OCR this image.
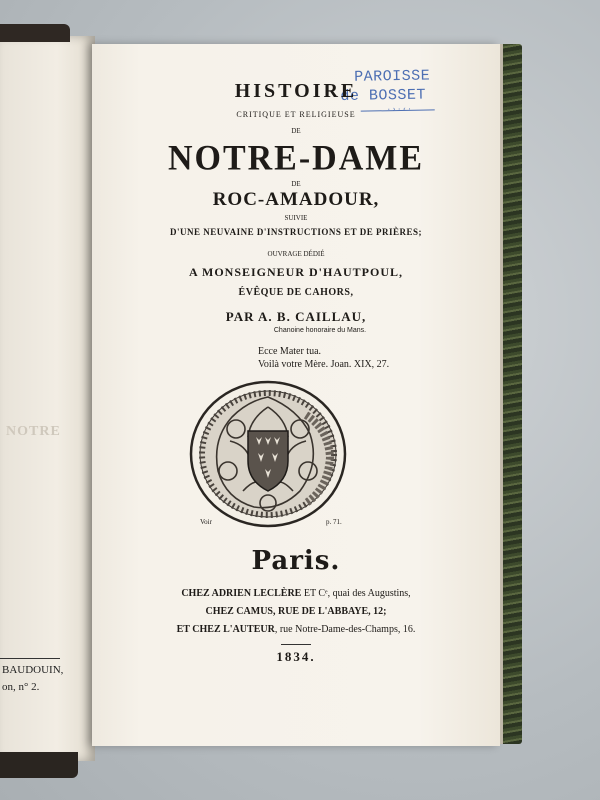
NOTRE
BAUDOUIN,
on, n° 2.
PAROISSE
de BOSSET
·›·‹·
HISTOIRE
CRITIQUE ET RELIGIEUSE
DE
NOTRE-DAME
DE
ROC-AMADOUR,
SUIVIE
D'UNE NEUVAINE D'INSTRUCTIONS ET DE PRIÈRES;
OUVRAGE DÉDIÉ
A MONSEIGNEUR D'HAUTPOUL,
ÉVÊQUE DE CAHORS,
PAR A. B. CAILLAU,
Chanoine honoraire du Mans.
Ecce Mater tua.
Voilà votre Mère. Joan. XIX, 27.
Voir	p. 71.
Paris.
CHEZ ADRIEN LECLÈRE ET Cᵉ, quai des Augustins,
CHEZ CAMUS, RUE DE L'ABBAYE, 12;
ET CHEZ L'AUTEUR, rue Notre-Dame-des-Champs, 16.
1834.
